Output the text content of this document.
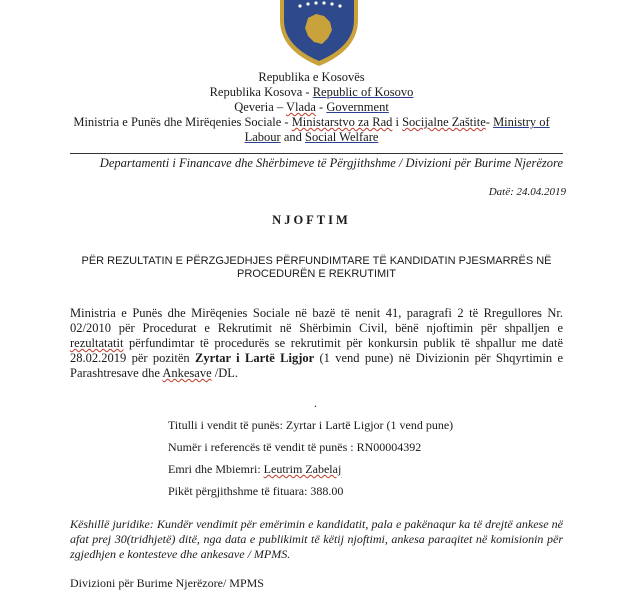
Republika e Kosovës
Republika Kosova - Republic of Kosovo
Qeveria – Vlada - Government
Ministria e Punës dhe Mirëqenies Sociale - Ministarstvo za Rad i Socijalne Zaštite- Ministry of
Labour and Social Welfare
Departamenti i Financave dhe Shërbimeve të Përgjithshme / Divizioni për Burime Njerëzore
Datë: 24.04.2019
NJOFTIM
PËR REZULTATIN E PËRZGJEDHJES PËRFUNDIMTARE TË KANDIDATIN PJESMARRËS NË PROCEDURËN E REKRUTIMIT
Ministria e Punës dhe Mirëqenies Sociale në bazë të nenit 41, paragrafi 2 të Rregullores Nr. 02/2010 për Procedurat e Rekrutimit në Shërbimin Civil, bënë njoftimin për shpalljen e rezultatatit përfundimtar të procedurës se rekrutimit për konkursin publik të shpallur me datë 28.02.2019 për pozitën Zyrtar i Lartë Ligjor (1 vend pune) në Divizionin për Shqyrtimin e Parashtresave dhe Ankesave /DL.
.
Titulli i vendit të punës: Zyrtar i Lartë Ligjor (1 vend pune)
Numër i referencës të vendit të punës : RN00004392
Emri dhe Mbiemri: Leutrim Zabelaj
Pikët përgjithshme të fituara: 388.00
Këshillë juridike: Kundër vendimit për emërimin e kandidatit, pala e pakënaqur ka të drejtë ankese në afat prej 30(tridhjetë) ditë, nga data e publikimit të këtij njoftimi, ankesa paraqitet në komisionin për zgjedhjen e kontesteve dhe ankesave / MPMS.
Divizioni për Burime Njerëzore/ MPMS
